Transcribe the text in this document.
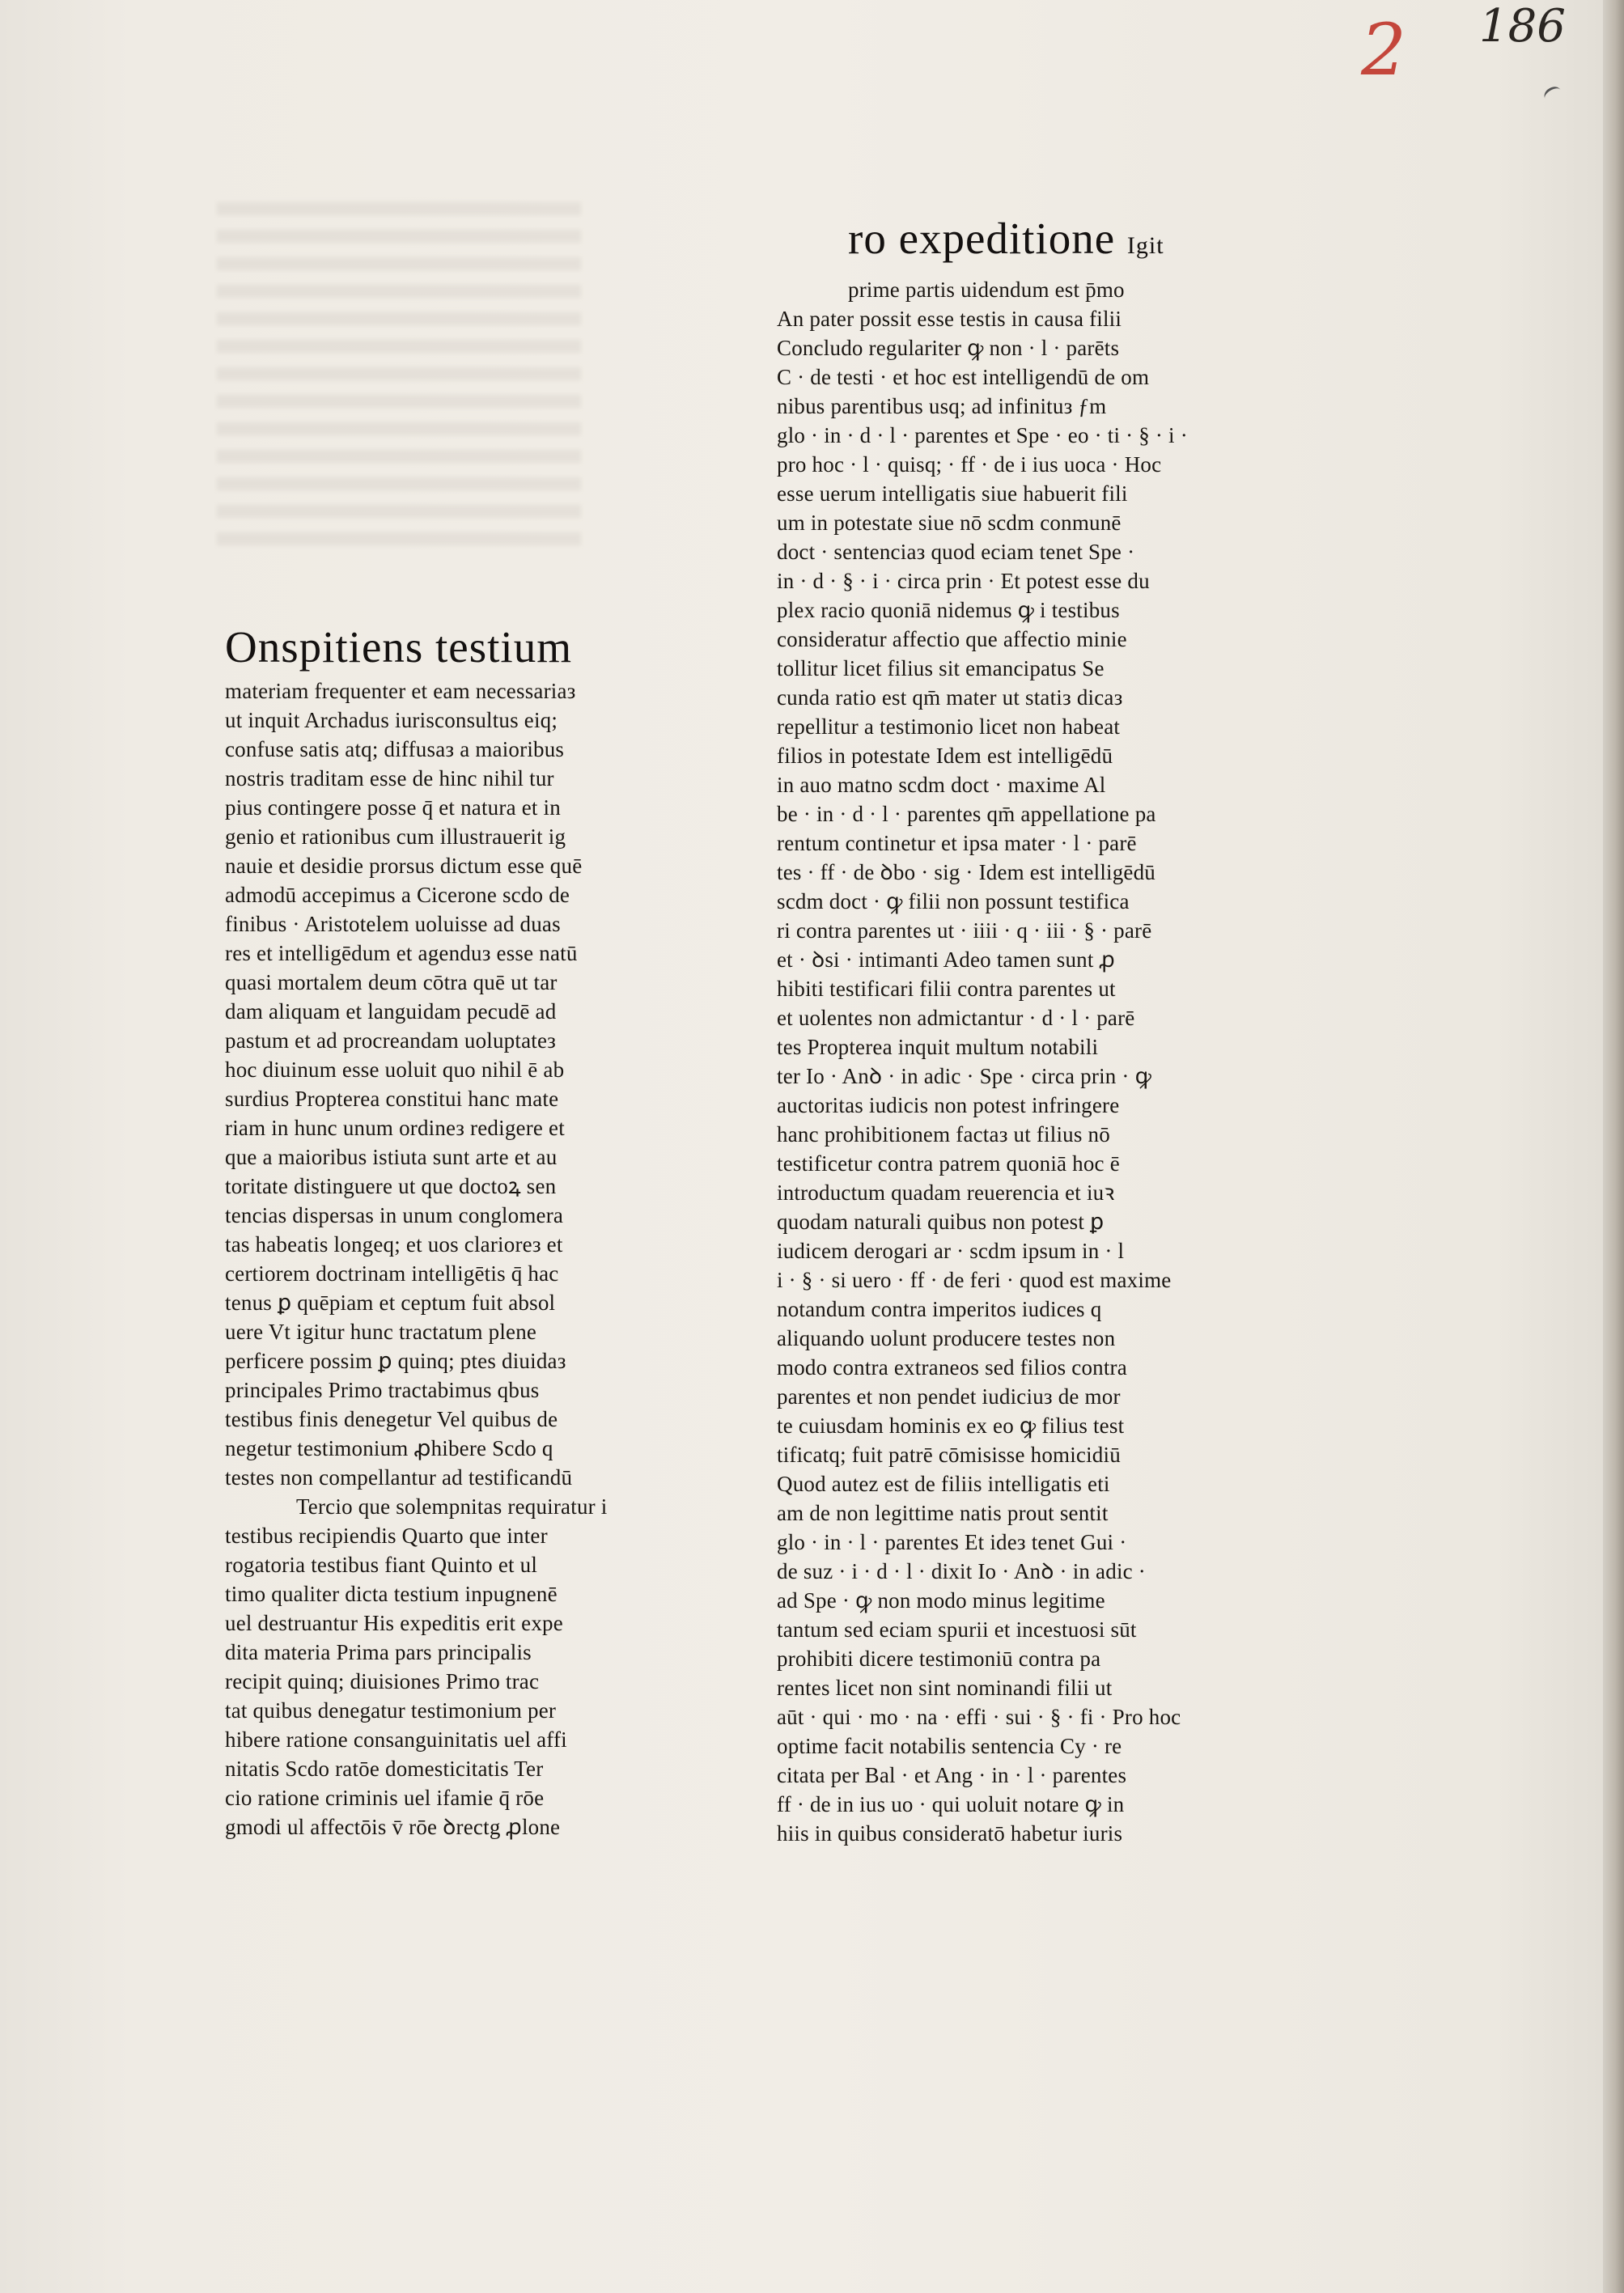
2 186
Onspitiens testium
materiam frequenter et eam necessariaз
ut inquit Archadus iurisconsultus eiq;
confuse satis atq; diffusaз a maioribus
nostris traditam esse de hinc nihil tur
pius contingere posse q̄ et natura et in
genio et rationibus cum illustrauerit ig
nauie et desidie prorsus dictum esse quē
admodū accepimus a Cicerone scdo de
finibus · Aristotelem uoluisse ad duas
res et intelligēdum et agenduз esse natū
quasi mortalem deum cōtra quē ut tar
dam aliquam et languidam pecudē ad
pastum et ad procreandam uoluptateз
hoc diuinum esse uoluit quo nihil ē ab
surdius Propterea constitui hanc mate
riam in hunc unum ordineз redigere et
que a maioribus istiuta sunt arte et au
toritate distinguere ut que doctoꝝ sen
tencias dispersas in unum conglomera
tas habeatis longeq; et uos clarioreз et
certiorem doctrinam intelligētis q̄ hac
tenus ꝑ quēpiam et ceptum fuit absol
uere Vt igitur hunc tractatum plene
perficere possim ꝑ quinq; ptes diuidaз
principales Primo tractabimus qbus
testibus finis denegetur Vel quibus de
negetur testimonium ꝓhibere Scdo q
testes non compellantur ad testificandū
Tercio que solempnitas requiratur i
testibus recipiendis Quarto que inter
rogatoria testibus fiant Quinto et ul
timo qualiter dicta testium inpugnenē
uel destruantur His expeditis erit expe
dita materia Prima pars principalis
recipit quinq; diuisiones Primo trac
tat quibus denegatur testimonium per
hibere ratione consanguinitatis uel affi
nitatis Scdo ratōe domesticitatis Ter
cio ratione criminis uel ifamie q̄ rōe
gmodi ul affectōis v̄ rōe ꝺrectg ꝓlone
ro expeditione Igit
prime partis uidendum est p̄mo
An pater possit esse testis in causa filii
Concludo regulariter ꝙ non · l · parēts
C · de testi · et hoc est intelligendū de om
nibus parentibus usq; ad infinituз ƒm
glo · in · d · l · parentes et Spe · eo · ti · § · i ·
pro hoc · l · quisq; · ff · de i ius uoca · Hoc
esse uerum intelligatis siue habuerit fili
um in potestate siue nō scdm conmunē
doct · sentenciaз quod eciam tenet Spe ·
in · d · § · i · circa prin · Et potest esse du
plex racio quoniā nidemus ꝙ i testibus
consideratur affectio que affectio minie
tollitur licet filius sit emancipatus Se
cunda ratio est qm̄ mater ut statiз dicaз
repellitur a testimonio licet non habeat
filios in potestate Idem est intelligēdū
in auo matno scdm doct · maxime Al
be · in · d · l · parentes qm̄ appellatione pa
rentum continetur et ipsa mater · l · parē
tes · ff · de ꝺbo · sig · Idem est intelligēdū
scdm doct · ꝙ filii non possunt testifica
ri contra parentes ut · iiii · q · iii · § · parē
et · ꝺsi · intimanti Adeo tamen sunt ꝓ
hibiti testificari filii contra parentes ut
et uolentes non admictantur · d · l · parē
tes Propterea inquit multum notabili
ter Io · Anꝺ · in adic · Spe · circa prin · ꝙ
auctoritas iudicis non potest infringere
hanc prohibitionem factaз ut filius nō
testificetur contra patrem quoniā hoc ē
introductum quadam reuerencia et iuꝛ
quodam naturali quibus non potest ꝑ
iudicem derogari ar · scdm ipsum in · l
i · § · si uero · ff · de feri · quod est maxime
notandum contra imperitos iudices q
aliquando uolunt producere testes non
modo contra extraneos sed filios contra
parentes et non pendet iudiciuз de mor
te cuiusdam hominis ex eo ꝙ filius test
tificatq; fuit patrē cōmisisse homicidiū
Quod autez est de filiis intelligatis eti
am de non legittime natis prout sentit
glo · in · l · parentes Et ideз tenet Gui ·
de suz · i · d · l · dixit Io · Anꝺ · in adic ·
ad Spe · ꝙ non modo minus legitime
tantum sed eciam spurii et incestuosi sūt
prohibiti dicere testimoniū contra pa
rentes licet non sint nominandi filii ut
aūt · qui · mo · na · effi · sui · § · fi · Pro hoc
optime facit notabilis sentencia Cy · re
citata per Bal · et Ang · in · l · parentes
ff · de in ius uo · qui uoluit notare ꝙ in
hiis in quibus consideratō habetur iuris
